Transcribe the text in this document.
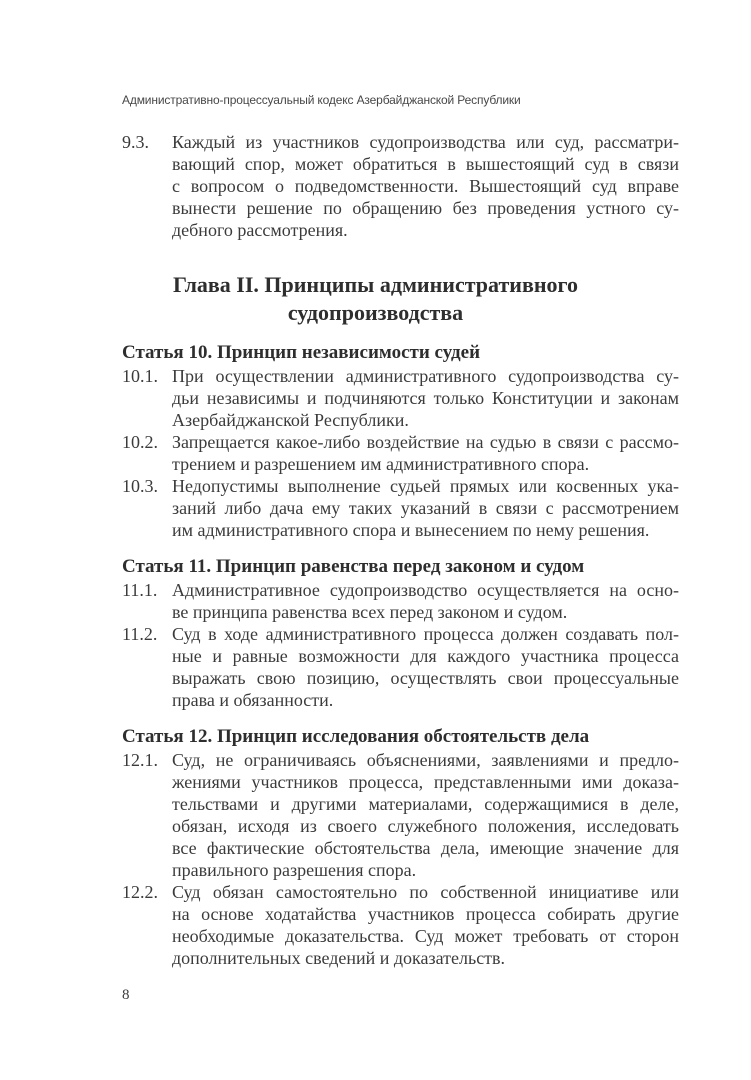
Административно-процессуальный кодекс Азербайджанской Республики
9.3.	Каждый из участников судопроизводства или суд, рассматри-
вающий спор, может обратиться в вышестоящий суд в связи
с вопросом о подведомственности. Вышестоящий суд вправе
вынести решение по обращению без проведения устного су-
дебного рассмотрения.
Глава II. Принципы административного
судопроизводства
Статья 10. Принцип независимости судей
10.1. При осуществлении административного судопроизводства су-
дьи независимы и подчиняются только Конституции и законам
Азербайджанской Республики.
10.2. Запрещается какое-либо воздействие на судью в связи с рассмо-
трением и разрешением им административного спора.
10.3. Недопустимы выполнение судьей прямых или косвенных ука-
заний либо дача ему таких указаний в связи с рассмотрением
им административного спора и вынесением по нему решения.
Статья 11. Принцип равенства перед законом и судом
11.1. Административное судопроизводство осуществляется на осно-
ве принципа равенства всех перед законом и судом.
11.2. Суд в ходе административного процесса должен создавать пол-
ные и равные возможности для каждого участника процесса
выражать свою позицию, осуществлять свои процессуальные
права и обязанности.
Статья 12. Принцип исследования обстоятельств дела
12.1. Суд, не ограничиваясь объяснениями, заявлениями и предло-
жениями участников процесса, представленными ими доказа-
тельствами и другими материалами, содержащимися в деле,
обязан, исходя из своего служебного положения, исследовать
все фактические обстоятельства дела, имеющие значение для
правильного разрешения спора.
12.2. Суд обязан самостоятельно по собственной инициативе или
на основе ходатайства участников процесса собирать другие
необходимые доказательства. Суд может требовать от сторон
дополнительных сведений и доказательств.
8
